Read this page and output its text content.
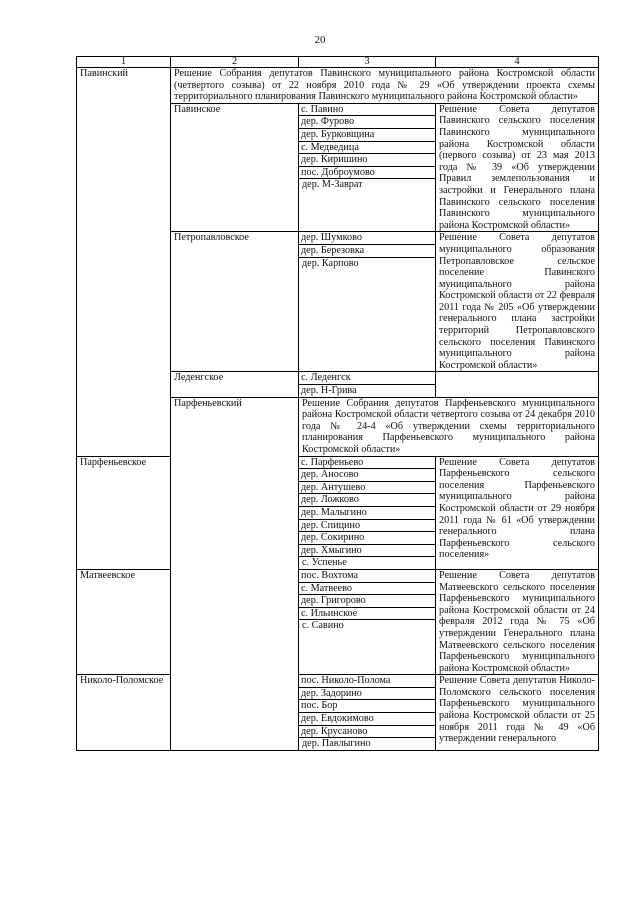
20
1	2	3	4
Павинский	Решение Собрания депутатов Павинского муниципального района Костромской области (четвертого созыва) от 22 ноября 2010 года № 29 «Об утверждении проекта схемы территориального планирования Павинского муниципального района Костромской области»		
	Павинское	с. Павино	Решение Совета депутатов Павинского сельского поселения Павинского муниципального района Костромской области (первого созыва) от 23 мая 2013 года № 39 «Об утверждении Правил землепользования и застройки и Генерального плана Павинского сельского поселения Павинского муниципального района Костромской области»
		дер. Фурово	
		дер. Бурковщина	
		с. Медведица	
		дер. Киришино	
		пос. Доброумово	
		дер. М-Заврат	
	Петропавловское	дер. Шумково	Решение Совета депутатов муниципального образования Петропавловское сельское поселение Павинского муниципального района Костромской области от 22 февраля 2011 года № 205 «Об утверждении генерального плана застройки территорий Петропавловского сельского поселения Павинского муниципального района Костромской области»
		дер. Березовка	
		дер. Карпово	
	Леденгское	с. Леденгск	
		дер. Н-Грива	
	Парфеньевский	Решение Собрания депутатов Парфеньевского муниципального района Костромской области четвертого созыва от 24 декабря 2010 года № 24-4 «Об утверждении схемы территориального планирования Парфеньевского муниципального района Костромской области»	
Парфеньевское		с. Парфеньево	Решение Совета депутатов Парфеньевского сельского поселения Парфеньевского муниципального района Костромской области от 29 ноября 2011 года № 61 «Об утверждении генерального плана Парфеньевского сельского поселения»
		дер. Аносово	
		дер. Антушево	
		дер. Ложково	
		дер. Малыгино	
		дер. Спицино	
		дер. Сокирино	
		дер. Хмыгино	
		с. Успенье	
Матвеевское		пос. Вохтома	Решение Совета депутатов Матвеевского сельского поселения Парфеньевского муниципального района Костромской области от 24 февраля 2012 года № 75 «Об утверждении Генерального плана Матвеевского сельского поселения Парфеньевского муниципального района Костромской области»
		с. Матвеево	
		дер. Григорово	
		с. Ильинское	
		с. Савино	
Николо-Поломское		пос. Николо-Полома	Решение Совета депутатов Николо-Поломского сельского поселения Парфеньевского муниципального района Костромской области от 25 ноября 2011 года № 49 «Об утверждении генерального
		дер. Задорино	
		пос. Бор	
		дер. Евдокимово	
		дер. Крусаново	
		дер. Павлыгино	
